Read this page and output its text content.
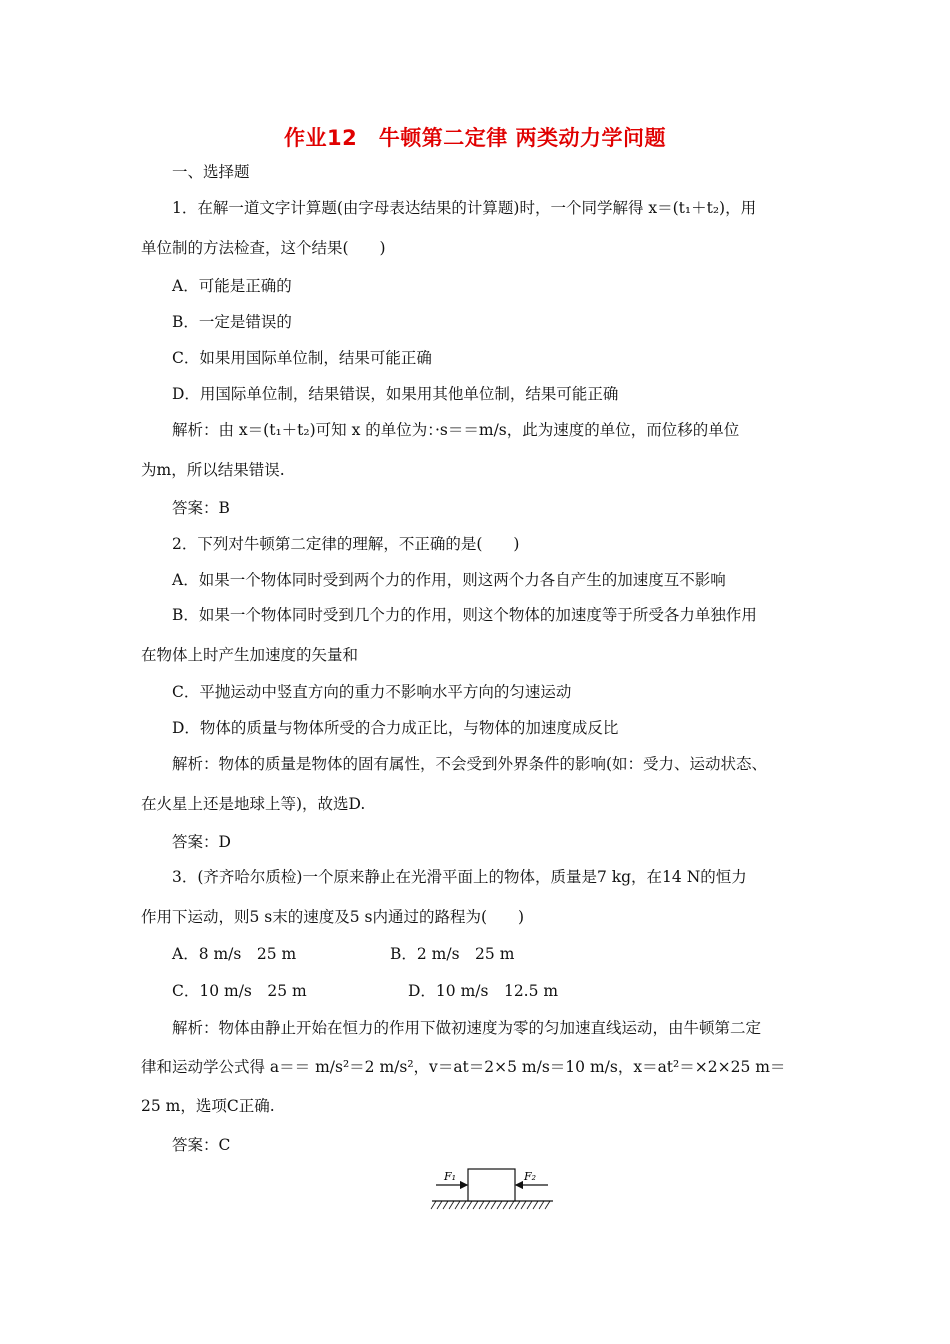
作业12　牛顿第二定律 两类动力学问题
一、选择题
1．在解一道文字计算题(由字母表达结果的计算题)时，一个同学解得 x＝(t₁＋t₂)，用
单位制的方法检查，这个结果(　　)
A．可能是正确的
B．一定是错误的
C．如果用国际单位制，结果可能正确
D．用国际单位制，结果错误，如果用其他单位制，结果可能正确
解析：由 x＝(t₁＋t₂)可知 x 的单位为：·s＝＝m/s，此为速度的单位，而位移的单位
为m，所以结果错误.
答案：B
2．下列对牛顿第二定律的理解，不正确的是(　　)
A．如果一个物体同时受到两个力的作用，则这两个力各自产生的加速度互不影响
B．如果一个物体同时受到几个力的作用，则这个物体的加速度等于所受各力单独作用
在物体上时产生加速度的矢量和
C．平抛运动中竖直方向的重力不影响水平方向的匀速运动
D．物体的质量与物体所受的合力成正比，与物体的加速度成反比
解析：物体的质量是物体的固有属性，不会受到外界条件的影响(如：受力、运动状态、
在火星上还是地球上等)，故选D.
答案：D
3．(齐齐哈尔质检)一个原来静止在光滑平面上的物体，质量是7 kg，在14 N的恒力
作用下运动，则5 s末的速度及5 s内通过的路程为(　　)
A．8 m/s　25 m	B．2 m/s　25 m
C．10 m/s　25 m	D．10 m/s　12.5 m
解析：物体由静止开始在恒力的作用下做初速度为零的匀加速直线运动，由牛顿第二定
律和运动学公式得 a＝＝ m/s²＝2 m/s²，v＝at＝2×5 m/s＝10 m/s，x＝at²＝×2×25 m＝
25 m，选项C正确.
答案：C
F₁	F₂
